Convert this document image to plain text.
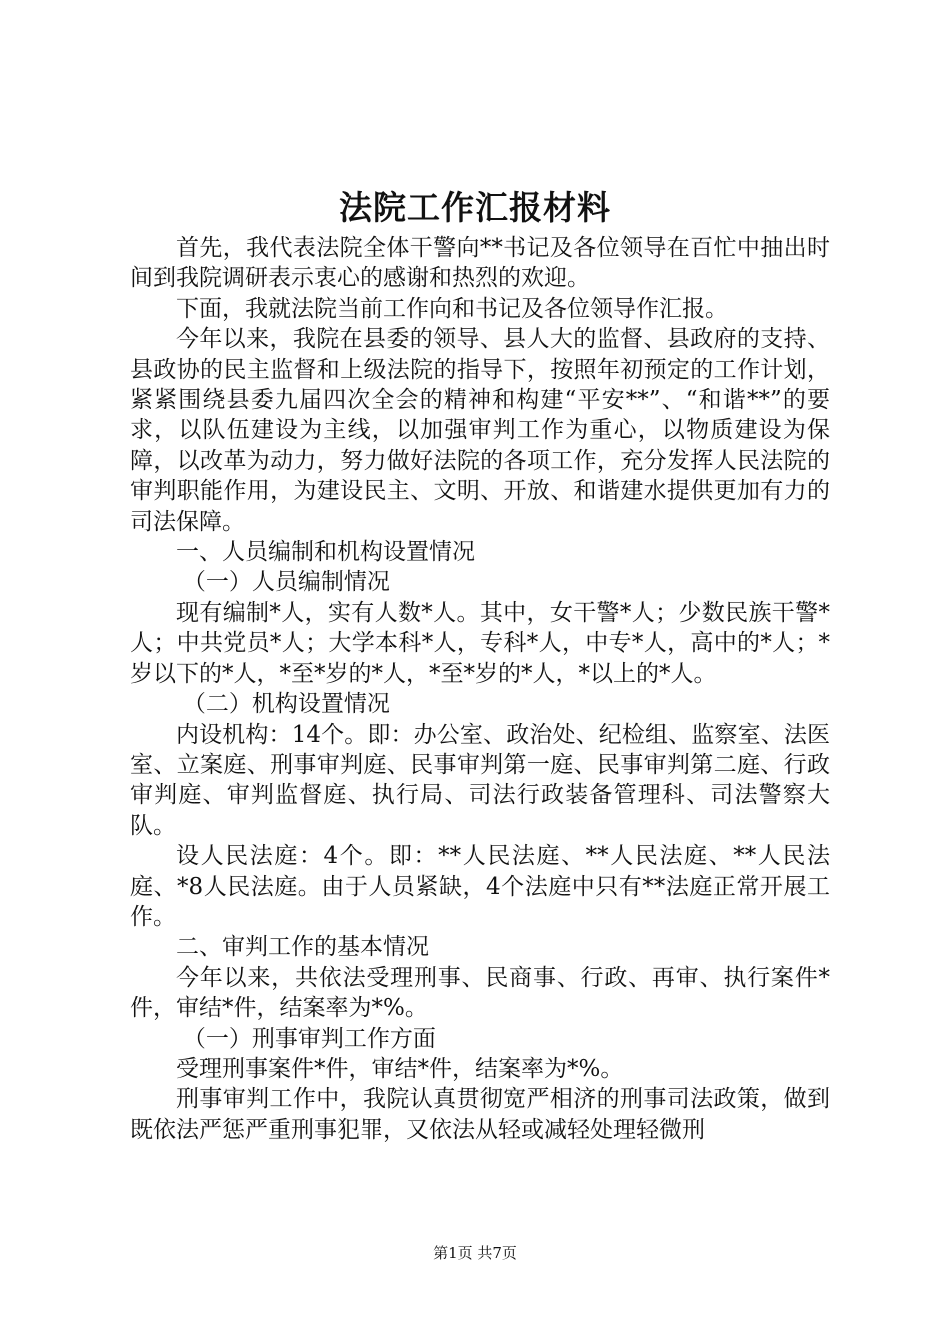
法院工作汇报材料

首先，我代表法院全体干警向**书记及各位领导在百忙中抽出时间到我院调研表示衷心的感谢和热烈的欢迎。

下面，我就法院当前工作向和书记及各位领导作汇报。

今年以来，我院在县委的领导、县人大的监督、县政府的支持、县政协的民主监督和上级法院的指导下，按照年初预定的工作计划，紧紧围绕县委九届四次全会的精神和构建“平安**”、“和谐**”的要求，以队伍建设为主线，以加强审判工作为重心，以物质建设为保障，以改革为动力，努力做好法院的各项工作，充分发挥人民法院的审判职能作用，为建设民主、文明、开放、和谐建水提供更加有力的司法保障。

一、人员编制和机构设置情况

（一）人员编制情况

现有编制*人，实有人数*人。其中，女干警*人；少数民族干警*人；中共党员*人；大学本科*人，专科*人，中专*人，高中的*人；*岁以下的*人，*至*岁的*人，*至*岁的*人，*以上的*人。

（二）机构设置情况

内设机构：14个。即：办公室、政治处、纪检组、监察室、法医室、立案庭、刑事审判庭、民事审判第一庭、民事审判第二庭、行政审判庭、审判监督庭、执行局、司法行政装备管理科、司法警察大队。

设人民法庭：4个。即：**人民法庭、**人民法庭、**人民法庭、*8人民法庭。由于人员紧缺，4个法庭中只有**法庭正常开展工作。

二、审判工作的基本情况

今年以来，共依法受理刑事、民商事、行政、再审、执行案件*件，审结*件，结案率为*%。

（一）刑事审判工作方面

受理刑事案件*件，审结*件，结案率为*%。

刑事审判工作中，我院认真贯彻宽严相济的刑事司法政策，做到既依法严惩严重刑事犯罪，又依法从轻或减轻处理轻微刑

第1页 共7页
